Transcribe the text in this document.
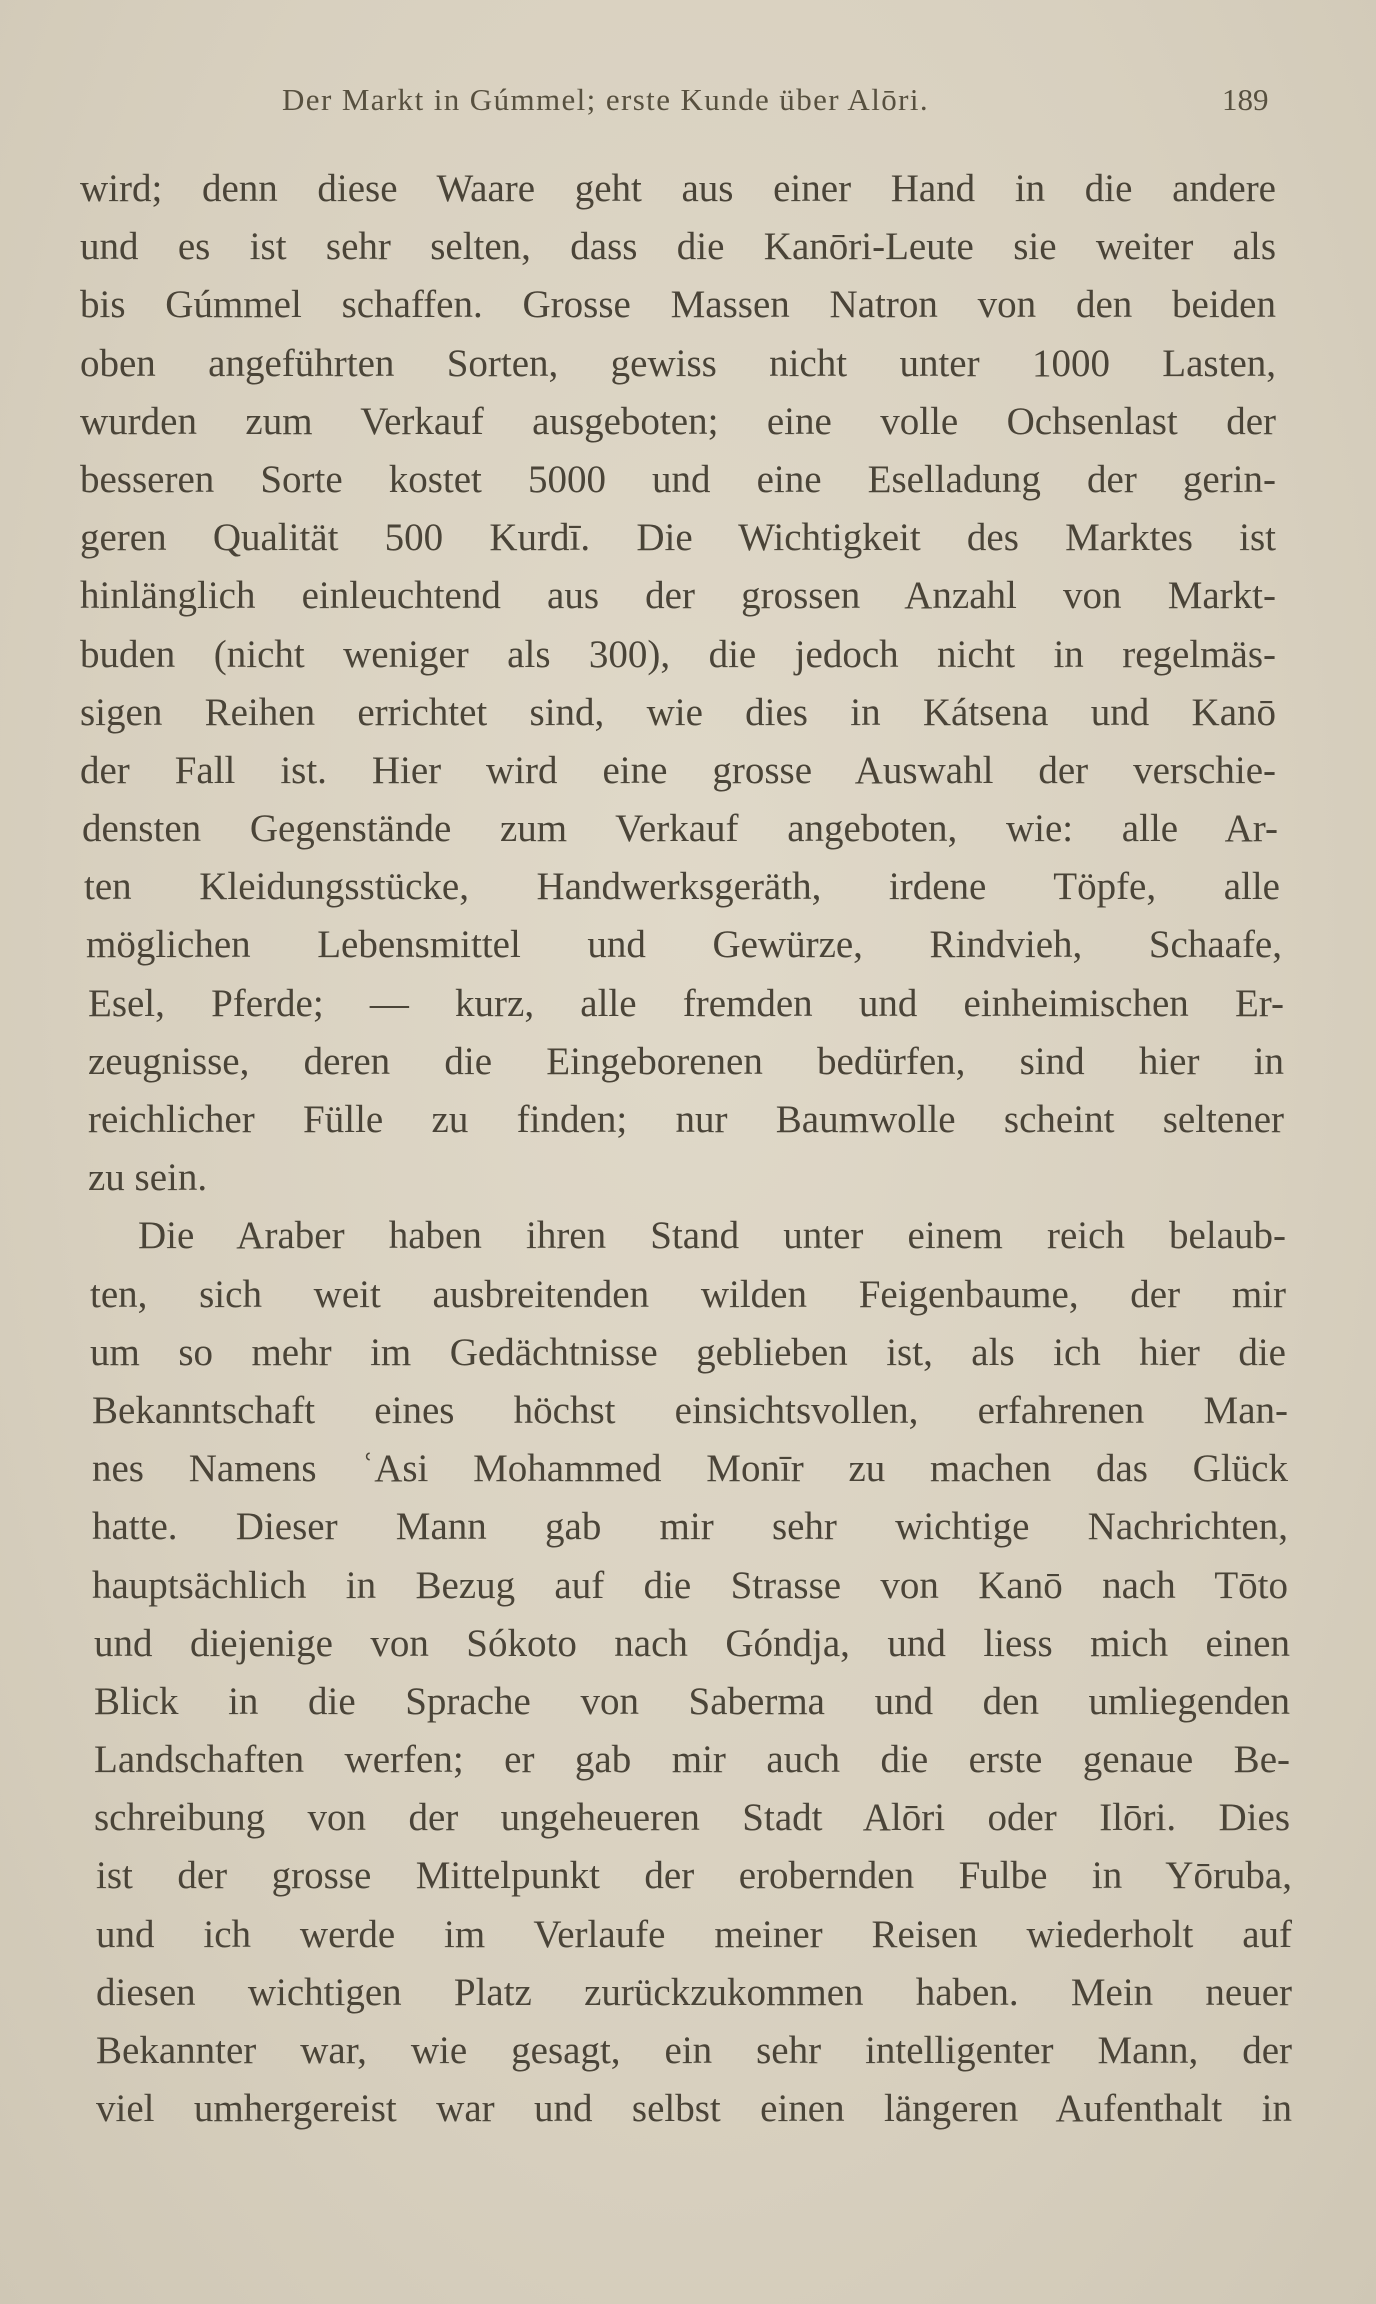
Der Markt in Gúmmel; erste Kunde über Alōri.	189
wird; denn diese Waare geht aus einer Hand in die andere
und es ist sehr selten, dass die Kanōri-Leute sie weiter als
bis Gúmmel schaffen. Grosse Massen Natron von den beiden
oben angeführten Sorten, gewiss nicht unter 1000 Lasten,
wurden zum Verkauf ausgeboten; eine volle Ochsenlast der
besseren Sorte kostet 5000 und eine Eselladung der gerin-
geren Qualität 500 Kurdī. Die Wichtigkeit des Marktes ist
hinlänglich einleuchtend aus der grossen Anzahl von Markt-
buden (nicht weniger als 300), die jedoch nicht in regelmäs-
sigen Reihen errichtet sind, wie dies in Kátsena und Kanō
der Fall ist. Hier wird eine grosse Auswahl der verschie-
densten Gegenstände zum Verkauf angeboten, wie: alle Ar-
ten Kleidungsstücke, Handwerksgeräth, irdene Töpfe, alle
möglichen Lebensmittel und Gewürze, Rindvieh, Schaafe,
Esel, Pferde; — kurz, alle fremden und einheimischen Er-
zeugnisse, deren die Eingeborenen bedürfen, sind hier in
reichlicher Fülle zu finden; nur Baumwolle scheint seltener
zu sein.
Die Araber haben ihren Stand unter einem reich belaub-
ten, sich weit ausbreitenden wilden Feigenbaume, der mir
um so mehr im Gedächtnisse geblieben ist, als ich hier die
Bekanntschaft eines höchst einsichtsvollen, erfahrenen Man-
nes Namens ʿAsi Mohammed Monīr zu machen das Glück
hatte. Dieser Mann gab mir sehr wichtige Nachrichten,
hauptsächlich in Bezug auf die Strasse von Kanō nach Tōto
und diejenige von Sókoto nach Góndja, und liess mich einen
Blick in die Sprache von Saberma und den umliegenden
Landschaften werfen; er gab mir auch die erste genaue Be-
schreibung von der ungeheueren Stadt Alōri oder Ilōri. Dies
ist der grosse Mittelpunkt der erobernden Fulbe in Yōruba,
und ich werde im Verlaufe meiner Reisen wiederholt auf
diesen wichtigen Platz zurückzukommen haben. Mein neuer
Bekannter war, wie gesagt, ein sehr intelligenter Mann, der
viel umhergereist war und selbst einen längeren Aufenthalt in
